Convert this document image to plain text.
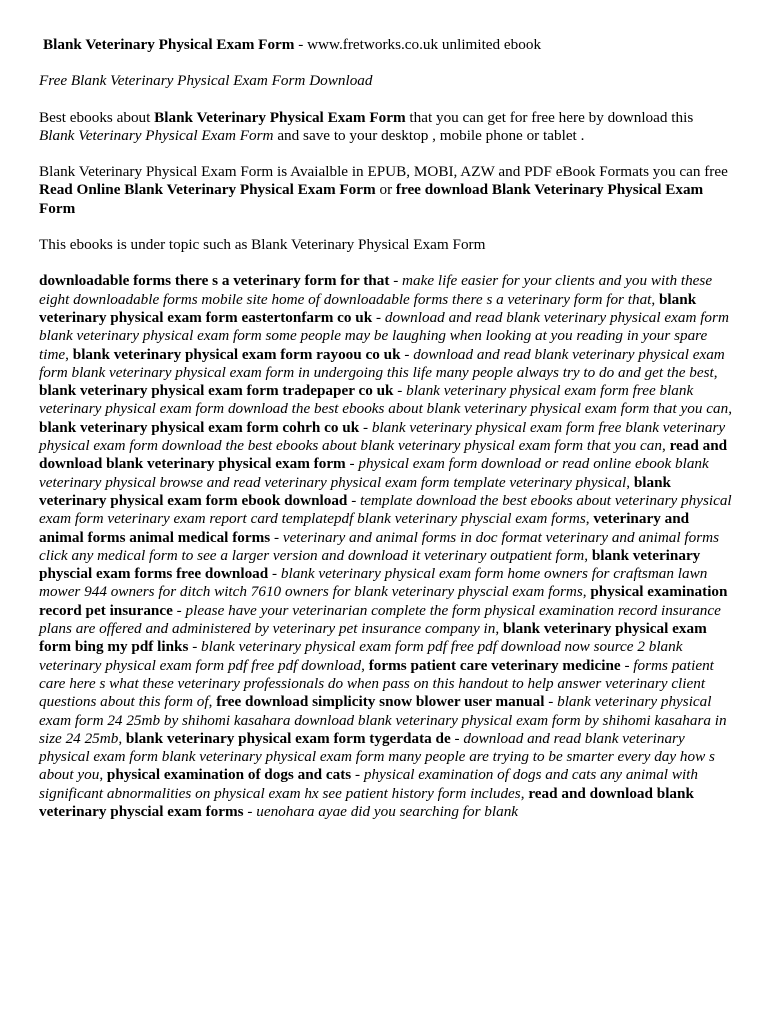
Blank Veterinary Physical Exam Form - www.fretworks.co.uk unlimited ebook

Free Blank Veterinary Physical Exam Form Download

Best ebooks about Blank Veterinary Physical Exam Form that you can get for free here by download this Blank Veterinary Physical Exam Form and save to your desktop , mobile phone or tablet .

Blank Veterinary Physical Exam Form is Avaialble in EPUB, MOBI, AZW and PDF eBook Formats you can free Read Online Blank Veterinary Physical Exam Form or free download Blank Veterinary Physical Exam Form

This ebooks is under topic such as Blank Veterinary Physical Exam Form

downloadable forms there s a veterinary form for that - make life easier for your clients and you with these eight downloadable forms mobile site home of downloadable forms there s a veterinary form for that, blank veterinary physical exam form eastertonfarm co uk - download and read blank veterinary physical exam form blank veterinary physical exam form some people may be laughing when looking at you reading in your spare time, blank veterinary physical exam form rayoou co uk - download and read blank veterinary physical exam form blank veterinary physical exam form in undergoing this life many people always try to do and get the best, blank veterinary physical exam form tradepaper co uk - blank veterinary physical exam form free blank veterinary physical exam form download the best ebooks about blank veterinary physical exam form that you can, blank veterinary physical exam form cohrh co uk - blank veterinary physical exam form free blank veterinary physical exam form download the best ebooks about blank veterinary physical exam form that you can, read and download blank veterinary physical exam form - physical exam form download or read online ebook blank veterinary physical browse and read veterinary physical exam form template veterinary physical, blank veterinary physical exam form ebook download - template download the best ebooks about veterinary physical exam form veterinary exam report card templatepdf blank veterinary physcial exam forms, veterinary and animal forms animal medical forms - veterinary and animal forms in doc format veterinary and animal forms click any medical form to see a larger version and download it veterinary outpatient form, blank veterinary physcial exam forms free download - blank veterinary physical exam form home owners for craftsman lawn mower 944 owners for ditch witch 7610 owners for blank veterinary physcial exam forms, physical examination record pet insurance - please have your veterinarian complete the form physical examination record insurance plans are offered and administered by veterinary pet insurance company in, blank veterinary physical exam form bing my pdf links - blank veterinary physical exam form pdf free pdf download now source 2 blank veterinary physical exam form pdf free pdf download, forms patient care veterinary medicine - forms patient care here s what these veterinary professionals do when pass on this handout to help answer veterinary client questions about this form of, free download simplicity snow blower user manual - blank veterinary physical exam form 24 25mb by shihomi kasahara download blank veterinary physical exam form by shihomi kasahara in size 24 25mb, blank veterinary physical exam form tygerdata de - download and read blank veterinary physical exam form blank veterinary physical exam form many people are trying to be smarter every day how s about you, physical examination of dogs and cats - physical examination of dogs and cats any animal with significant abnormalities on physical exam hx see patient history form includes, read and download blank veterinary physcial exam forms - uenohara ayae did you searching for blank
